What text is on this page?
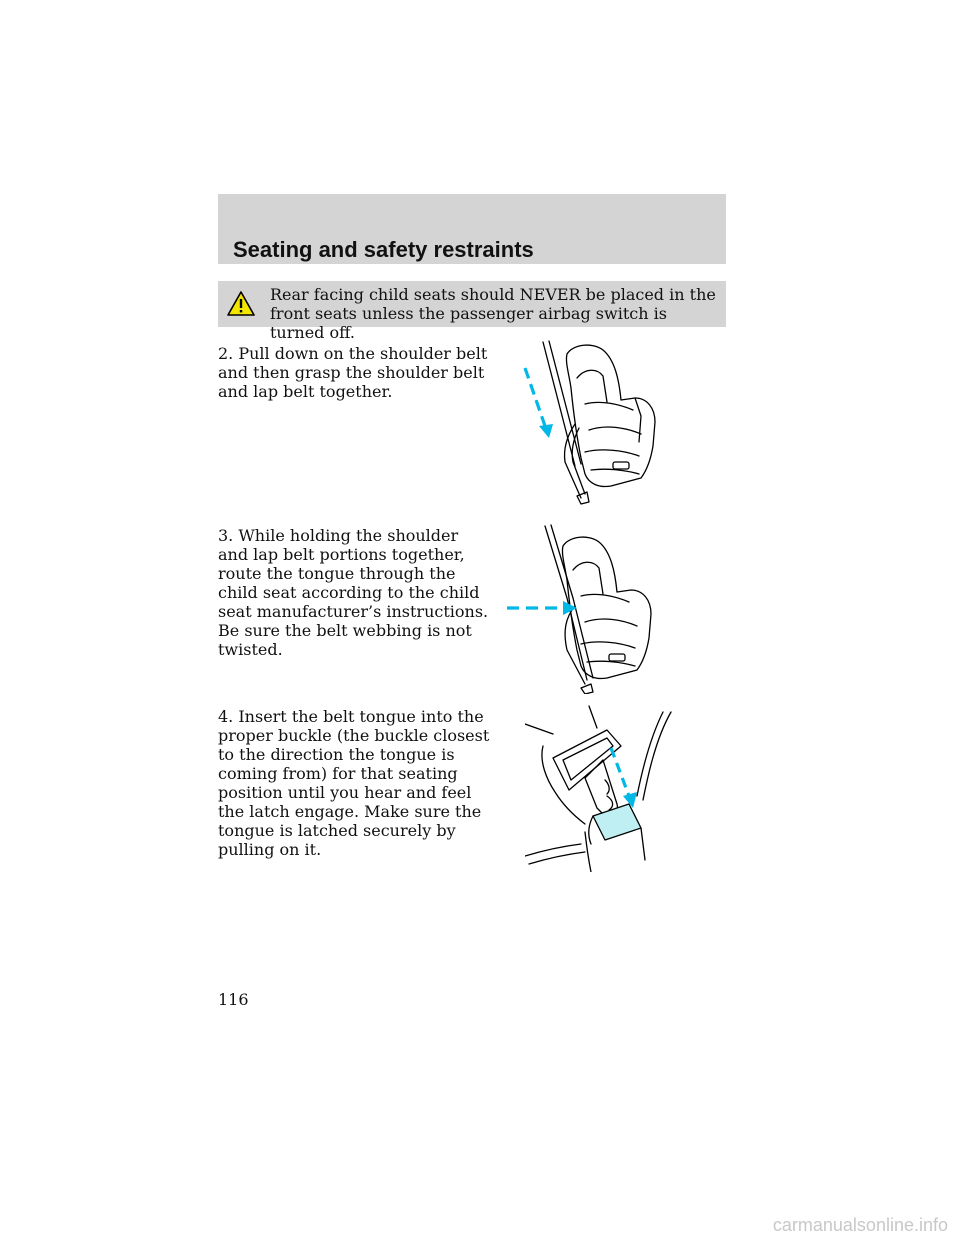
Seating and safety restraints
Rear facing child seats should NEVER be placed in the front seats unless the passenger airbag switch is turned off.
2. Pull down on the shoulder belt and then grasp the shoulder belt and lap belt together.
3. While holding the shoulder and lap belt portions together, route the tongue through the child seat according to the child seat manufacturer’s instructions. Be sure the belt webbing is not twisted.
4. Insert the belt tongue into the proper buckle (the buckle closest to the direction the tongue is coming from) for that seating position until you hear and feel the latch engage. Make sure the tongue is latched securely by pulling on it.
116
carmanualsonline.info
